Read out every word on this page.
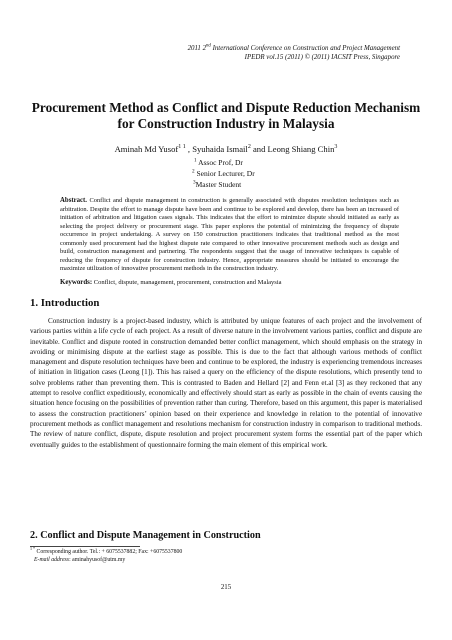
2011 2nd International Conference on Construction and Project Management
IPEDR vol.15 (2011) © (2011) IACSIT Press, Singapore
Procurement Method as Conflict and Dispute Reduction Mechanism
for Construction Industry in Malaysia
Aminah Md Yusof$^{1 1}$ , Syuhaida Ismail$^2$ and Leong Shiang Chin$^3$
$^1$ Assoc Prof, Dr
$^2$ Senior Lecturer, Dr
$^3$Master Student
Abstract. Conflict and dispute management in construction is generally associated with disputes resolution techniques such as arbitration. Despite the effort to manage dispute have been and continue to be explored and develop, there has been an increased of initiation of arbitration and litigation cases signals. This indicates that the effort to minimize dispute should initiated as early as selecting the project delivery or procurement stage. This paper explores the potential of minimizing the frequency of dispute occurrence in project undertaking. A survey on 150 construction practitioners indicates that traditional method as the most commonly used procurement had the highest dispute rate compared to other innovative procurement methods such as design and build, construction management and partnering. The respondents suggest that the usage of innovative techniques is capable of reducing the frequency of dispute for construction industry. Hence, appropriate measures should be initiated to encourage the maximize utilization of innovative procurement methods in the construction industry.
Keywords: Conflict, dispute, management, procurement, construction and Malaysia
1. Introduction

Construction industry is a project-based industry, which is attributed by unique features of each project and the involvement of various parties within a life cycle of each project. As a result of diverse nature in the involvement various parties, conflict and dispute are inevitable. Conflict and dispute rooted in construction demanded better conflict management, which should emphasis on the strategy in avoiding or minimising dispute at the earliest stage as possible. This is due to the fact that although various methods of conflict management and dispute resolution techniques have been and continue to be explored, the industry is experiencing tremendous increases of initiation in litigation cases (Leong [1]). This has raised a query on the efficiency of the dispute resolutions, which presently tend to solve problems rather than preventing them. This is contrasted to Baden and Hellard [2] and Fenn et.al [3] as they reckoned that any attempt to resolve conflict expeditiously, economically and effectively should start as early as possible in the chain of events causing the situation hence focusing on the possibilities of prevention rather than curing. Therefore, based on this argument, this paper is materialised to assess the construction practitioners’ opinion based on their experience and knowledge in relation to the potential of innovative procurement methods as conflict management and resolutions mechanism for construction industry in comparison to traditional methods. The review of nature conflict, dispute, dispute resolution and project procurement system forms the essential part of the paper which eventually guides to the establishment of questionnaire forming the main element of this empirical work.

2. Conflict and Dispute Management in Construction
$^{1 *}$ Corresponding author. Tel.: + 6075537882; Fax: +6075537800
E-mail address: aminahyusof@utm.my
215
